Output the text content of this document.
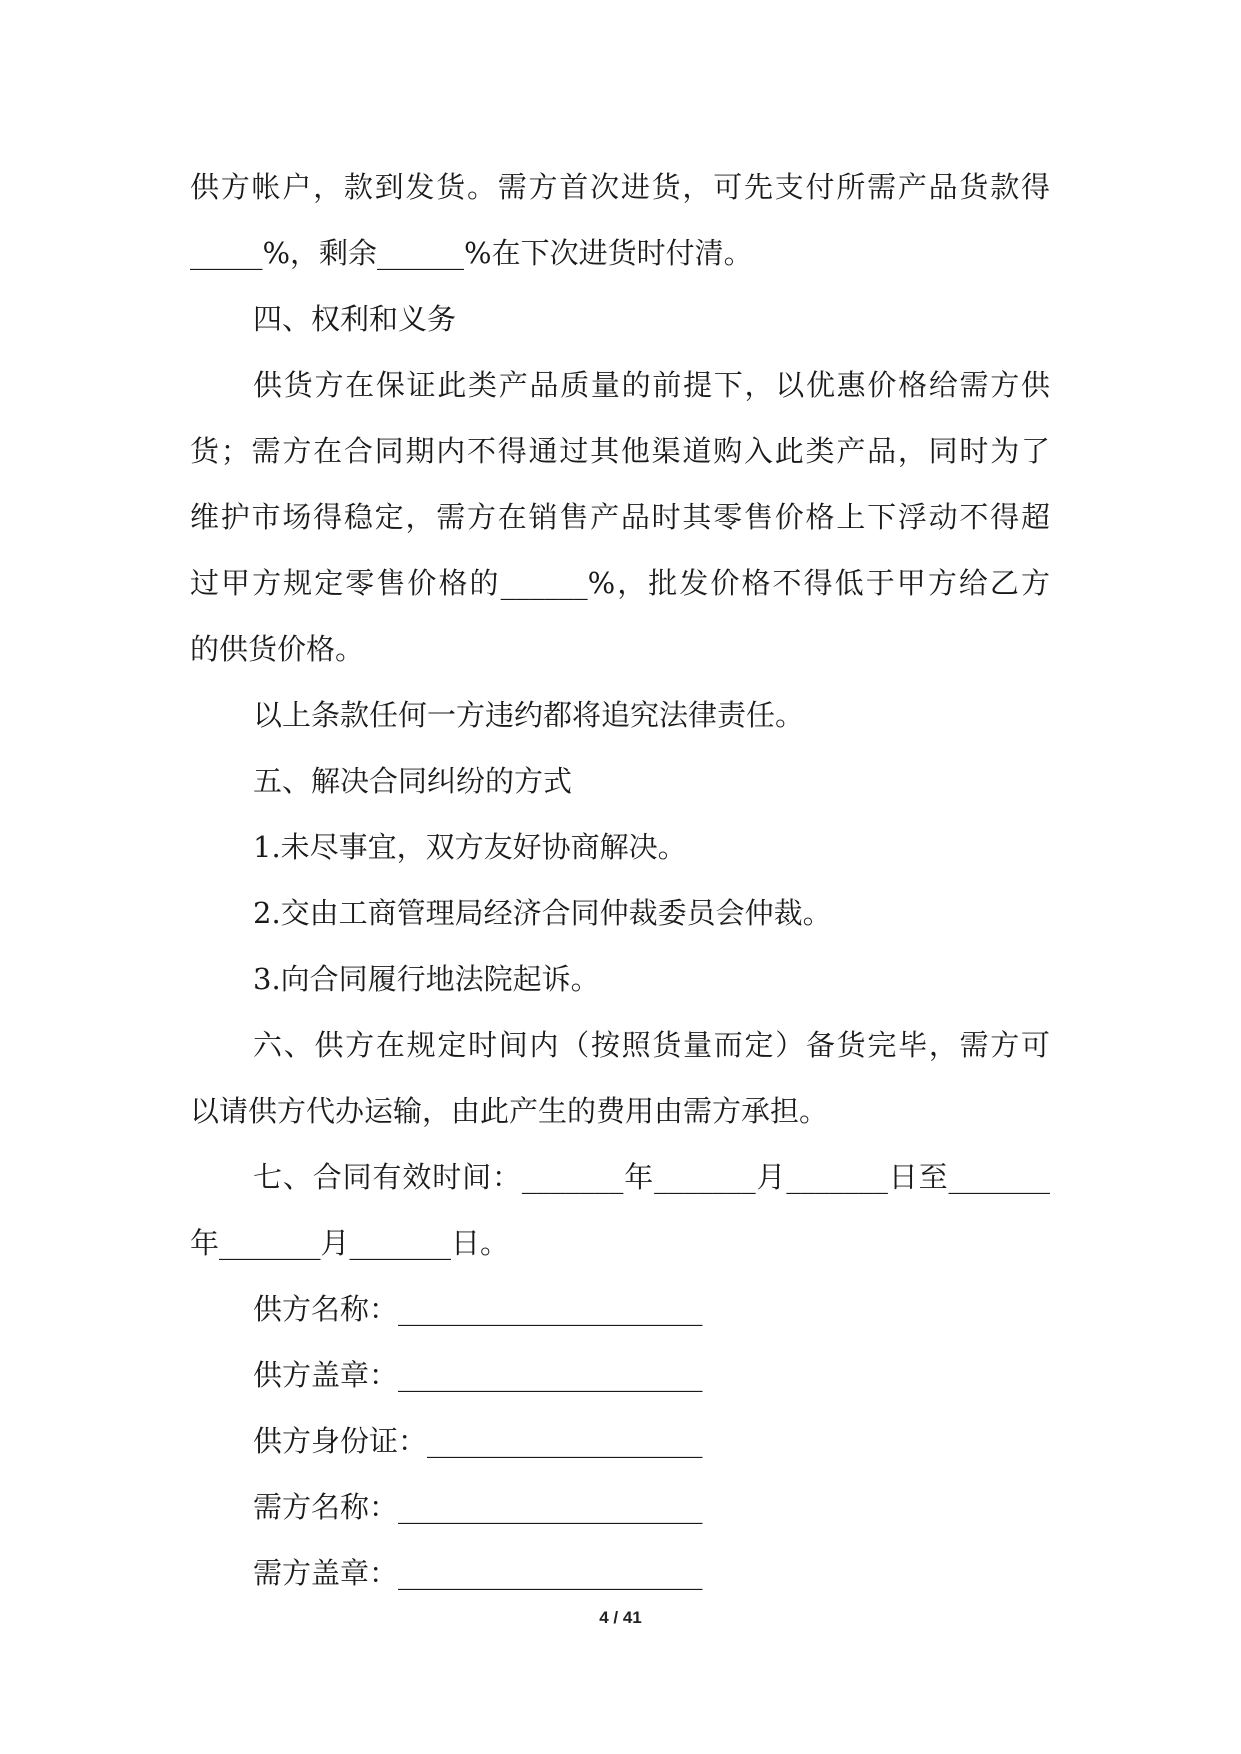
供方帐户，款到发货。需方首次进货，可先支付所需产品货款得
_____%，剩余______%在下次进货时付清。
四、权利和义务
供货方在保证此类产品质量的前提下，以优惠价格给需方供
货；需方在合同期内不得通过其他渠道购入此类产品，同时为了
维护市场得稳定，需方在销售产品时其零售价格上下浮动不得超
过甲方规定零售价格的______%，批发价格不得低于甲方给乙方
的供货价格。
以上条款任何一方违约都将追究法律责任。
五、解决合同纠纷的方式
1.未尽事宜，双方友好协商解决。
2.交由工商管理局经济合同仲裁委员会仲裁。
3.向合同履行地法院起诉。
六、供方在规定时间内（按照货量而定）备货完毕，需方可
以请供方代办运输，由此产生的费用由需方承担。
七、合同有效时间：_______年_______月_______日至_______
年_______月_______日。
供方名称：_____________________
供方盖章：_____________________
供方身份证：___________________
需方名称：_____________________
需方盖章：_____________________
4 / 41
